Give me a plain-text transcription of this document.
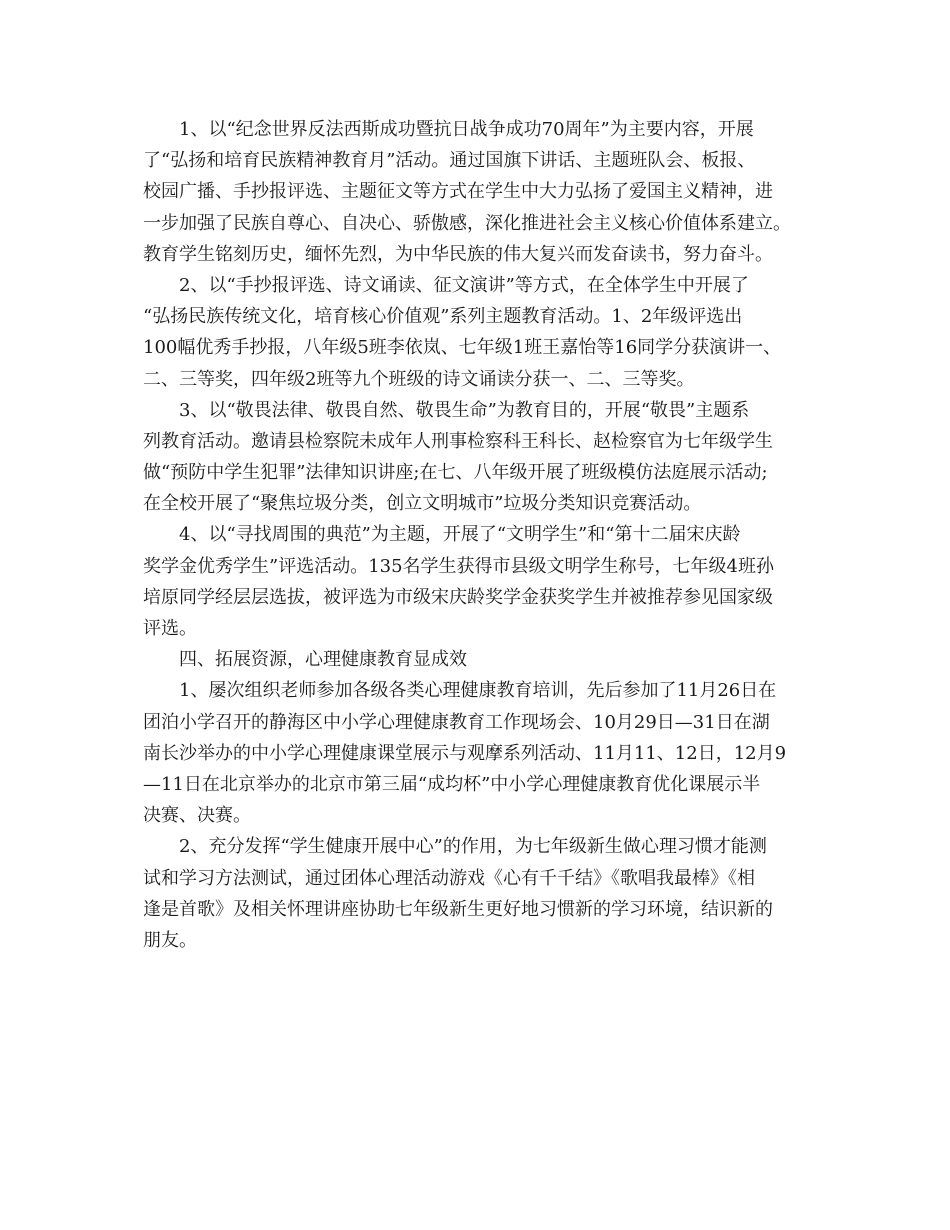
1、以“纪念世界反法西斯成功暨抗日战争成功70周年”为主要内容，开展
了“弘扬和培育民族精神教育月”活动。通过国旗下讲话、主题班队会、板报、
校园广播、手抄报评选、主题征文等方式在学生中大力弘扬了爱国主义精神，进
一步加强了民族自尊心、自决心、骄傲感，深化推进社会主义核心价值体系建立。
教育学生铭刻历史，缅怀先烈，为中华民族的伟大复兴而发奋读书，努力奋斗。

2、以“手抄报评选、诗文诵读、征文演讲”等方式，在全体学生中开展了
“弘扬民族传统文化，培育核心价值观”系列主题教育活动。1、2年级评选出
100幅优秀手抄报，八年级5班李依岚、七年级1班王嘉怡等16同学分获演讲一、
二、三等奖，四年级2班等九个班级的诗文诵读分获一、二、三等奖。

3、以“敬畏法律、敬畏自然、敬畏生命”为教育目的，开展“敬畏”主题系
列教育活动。邀请县检察院未成年人刑事检察科王科长、赵检察官为七年级学生
做“预防中学生犯罪”法律知识讲座;在七、八年级开展了班级模仿法庭展示活动;
在全校开展了“聚焦垃圾分类，创立文明城市”垃圾分类知识竞赛活动。

4、以“寻找周围的典范”为主题，开展了“文明学生”和“第十二届宋庆龄
奖学金优秀学生”评选活动。135名学生获得市县级文明学生称号，七年级4班孙
培原同学经层层选拔，被评选为市级宋庆龄奖学金获奖学生并被推荐参见国家级
评选。

四、拓展资源，心理健康教育显成效

1、屡次组织老师参加各级各类心理健康教育培训，先后参加了11月26日在
团泊小学召开的静海区中小学心理健康教育工作现场会、10月29日—31日在湖
南长沙举办的中小学心理健康课堂展示与观摩系列活动、11月11、12日，12月9
—11日在北京举办的北京市第三届“成均杯”中小学心理健康教育优化课展示半
决赛、决赛。

2、充分发挥“学生健康开展中心”的作用，为七年级新生做心理习惯才能测
试和学习方法测试，通过团体心理活动游戏《心有千千结》《歌唱我最棒》《相
逢是首歌》及相关怀理讲座协助七年级新生更好地习惯新的学习环境，结识新的
朋友。
